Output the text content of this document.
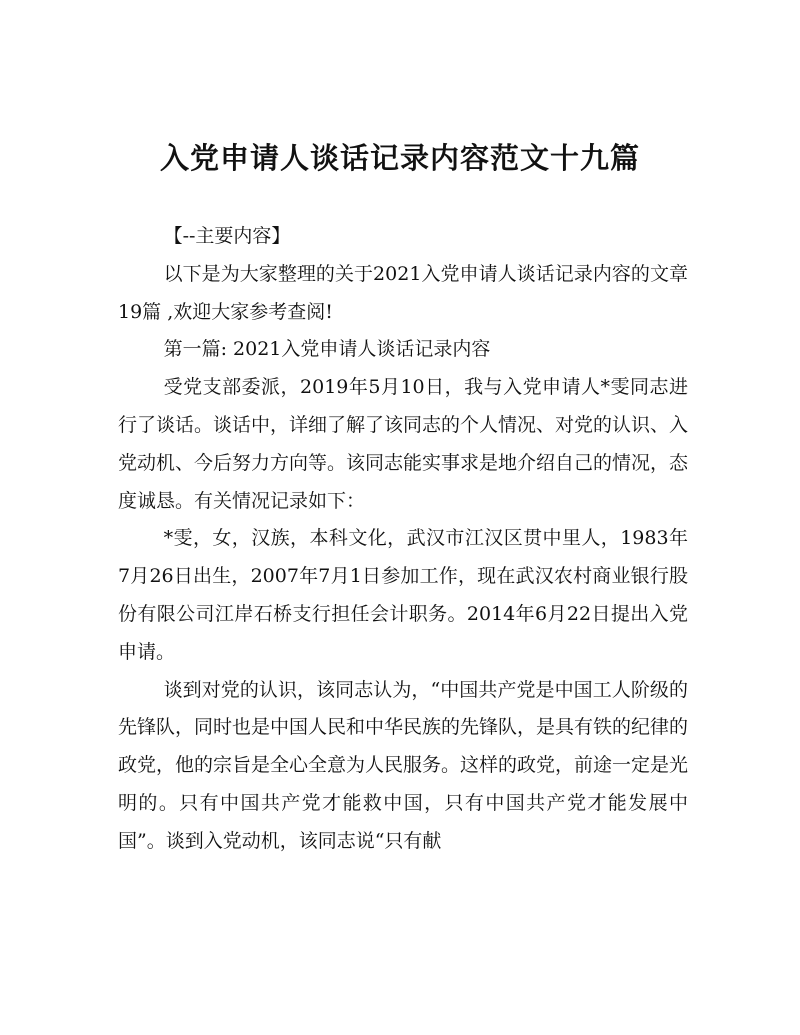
入党申请人谈话记录内容范文十九篇

【--主要内容】

以下是为大家整理的关于2021入党申请人谈话记录内容的文章19篇 ,欢迎大家参考查阅!

第一篇: 2021入党申请人谈话记录内容

受党支部委派，2019年5月10日，我与入党申请人*雯同志进行了谈话。谈话中，详细了解了该同志的个人情况、对党的认识、入党动机、今后努力方向等。该同志能实事求是地介绍自己的情况，态度诚恳。有关情况记录如下：

*雯，女，汉族，本科文化，武汉市江汉区贯中里人，1983年7月26日出生，2007年7月1日参加工作，现在武汉农村商业银行股份有限公司江岸石桥支行担任会计职务。2014年6月22日提出入党申请。

谈到对党的认识，该同志认为，“中国共产党是中国工人阶级的先锋队，同时也是中国人民和中华民族的先锋队，是具有铁的纪律的政党，他的宗旨是全心全意为人民服务。这样的政党，前途一定是光明的。只有中国共产党才能救中国，只有中国共产党才能发展中国”。谈到入党动机，该同志说“只有献
